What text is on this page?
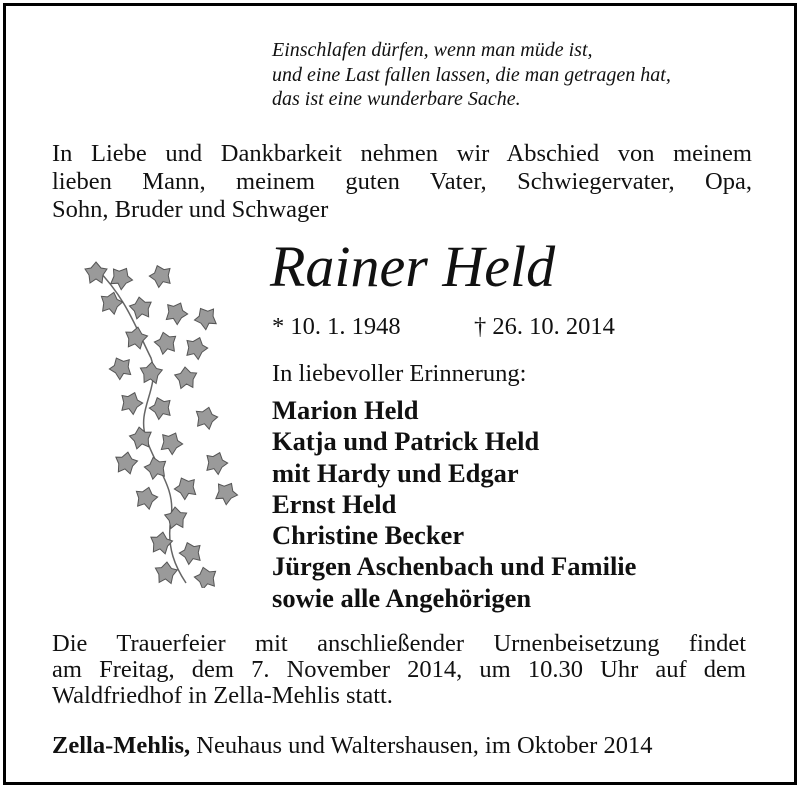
Einschlafen dürfen, wenn man müde ist,
und eine Last fallen lassen, die man getragen hat,
das ist eine wunderbare Sache.
In Liebe und Dankbarkeit nehmen wir Abschied von meinem
lieben Mann, meinem guten Vater, Schwiegervater, Opa,
Sohn, Bruder und Schwager
Rainer Held
* 10. 1. 1948	† 26. 10. 2014
In liebevoller Erinnerung:
Marion Held
Katja und Patrick Held
mit Hardy und Edgar
Ernst Held
Christine Becker
Jürgen Aschenbach und Familie
sowie alle Angehörigen
Die Trauerfeier mit anschließender Urnenbeisetzung findet
am Freitag, dem 7. November 2014, um 10.30 Uhr auf dem
Waldfriedhof in Zella-Mehlis statt.
Zella-Mehlis, Neuhaus und Waltershausen, im Oktober 2014
